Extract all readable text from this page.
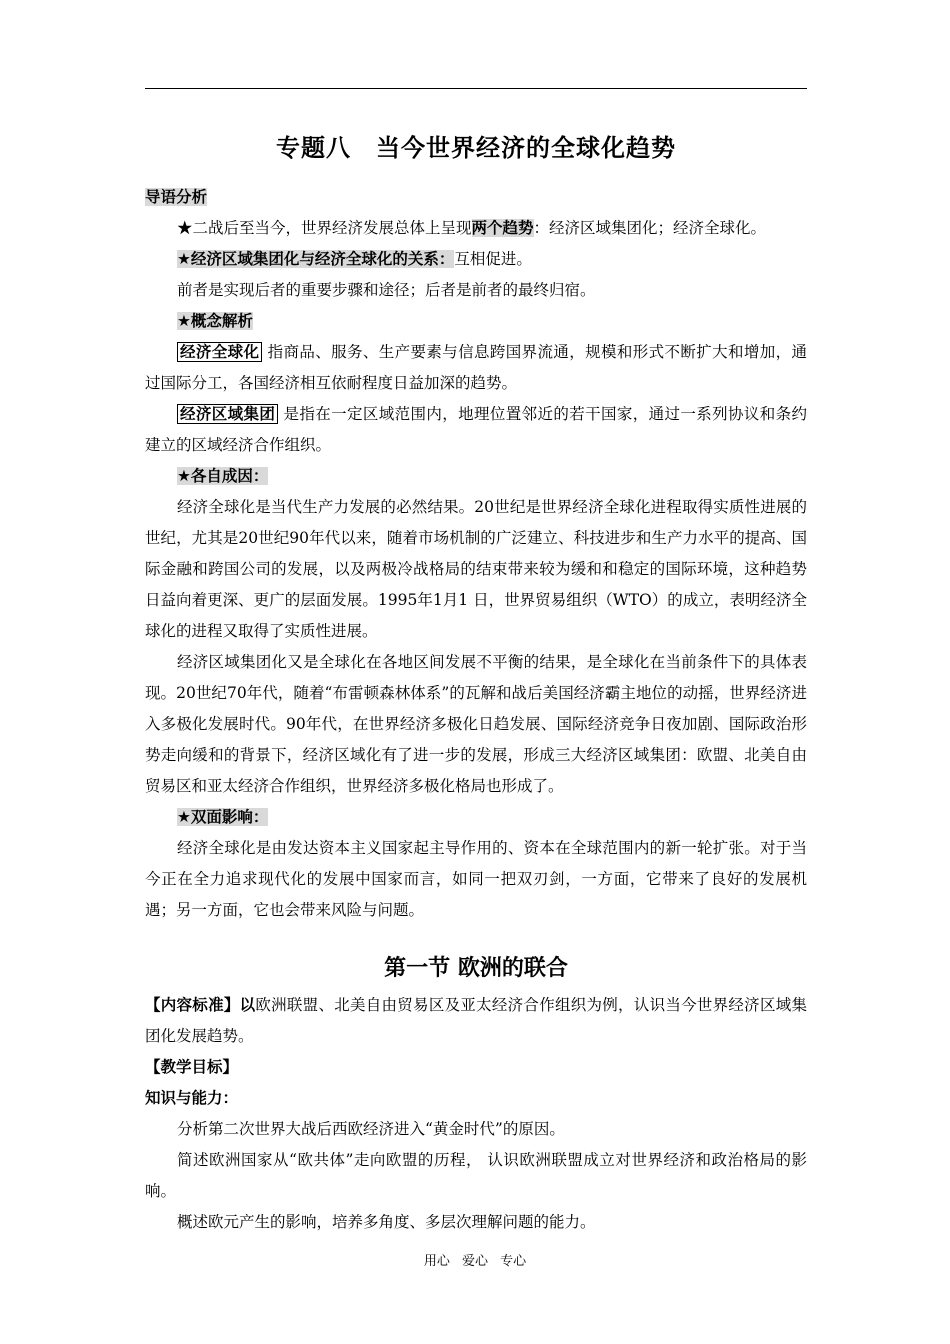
专题八　当今世界经济的全球化趋势

导语分析

★二战后至当今，世界经济发展总体上呈现两个趋势：经济区域集团化；经济全球化。

★经济区域集团化与经济全球化的关系：互相促进。

前者是实现后者的重要步骤和途径；后者是前者的最终归宿。

★概念解析

经济全球化 指商品、服务、生产要素与信息跨国界流通，规模和形式不断扩大和增加，通过国际分工，各国经济相互依耐程度日益加深的趋势。

经济区域集团 是指在一定区域范围内，地理位置邻近的若干国家，通过一系列协议和条约建立的区域经济合作组织。

★各自成因：

经济全球化是当代生产力发展的必然结果。20世纪是世界经济全球化进程取得实质性进展的世纪，尤其是20世纪90年代以来，随着市场机制的广泛建立、科技进步和生产力水平的提高、国际金融和跨国公司的发展，以及两极冷战格局的结束带来较为缓和和稳定的国际环境，这种趋势日益向着更深、更广的层面发展。1995年1月1 日，世界贸易组织（WTO）的成立，表明经济全球化的进程又取得了实质性进展。

经济区域集团化又是全球化在各地区间发展不平衡的结果，是全球化在当前条件下的具体表现。20世纪70年代，随着“布雷顿森林体系”的瓦解和战后美国经济霸主地位的动摇，世界经济进入多极化发展时代。90年代，在世界经济多极化日趋发展、国际经济竞争日夜加剧、国际政治形势走向缓和的背景下，经济区域化有了进一步的发展，形成三大经济区域集团：欧盟、北美自由贸易区和亚太经济合作组织，世界经济多极化格局也形成了。

★双面影响：

经济全球化是由发达资本主义国家起主导作用的、资本在全球范围内的新一轮扩张。对于当今正在全力追求现代化的发展中国家而言，如同一把双刃剑，一方面，它带来了良好的发展机遇；另一方面，它也会带来风险与问题。

第一节 欧洲的联合

【内容标准】以欧洲联盟、北美自由贸易区及亚太经济合作组织为例，认识当今世界经济区域集团化发展趋势。

【教学目标】

知识与能力：

分析第二次世界大战后西欧经济进入“黄金时代”的原因。

简述欧洲国家从“欧共体”走向欧盟的历程， 认识欧洲联盟成立对世界经济和政治格局的影响。

概述欧元产生的影响，培养多角度、多层次理解问题的能力。

用心 爱心 专心
